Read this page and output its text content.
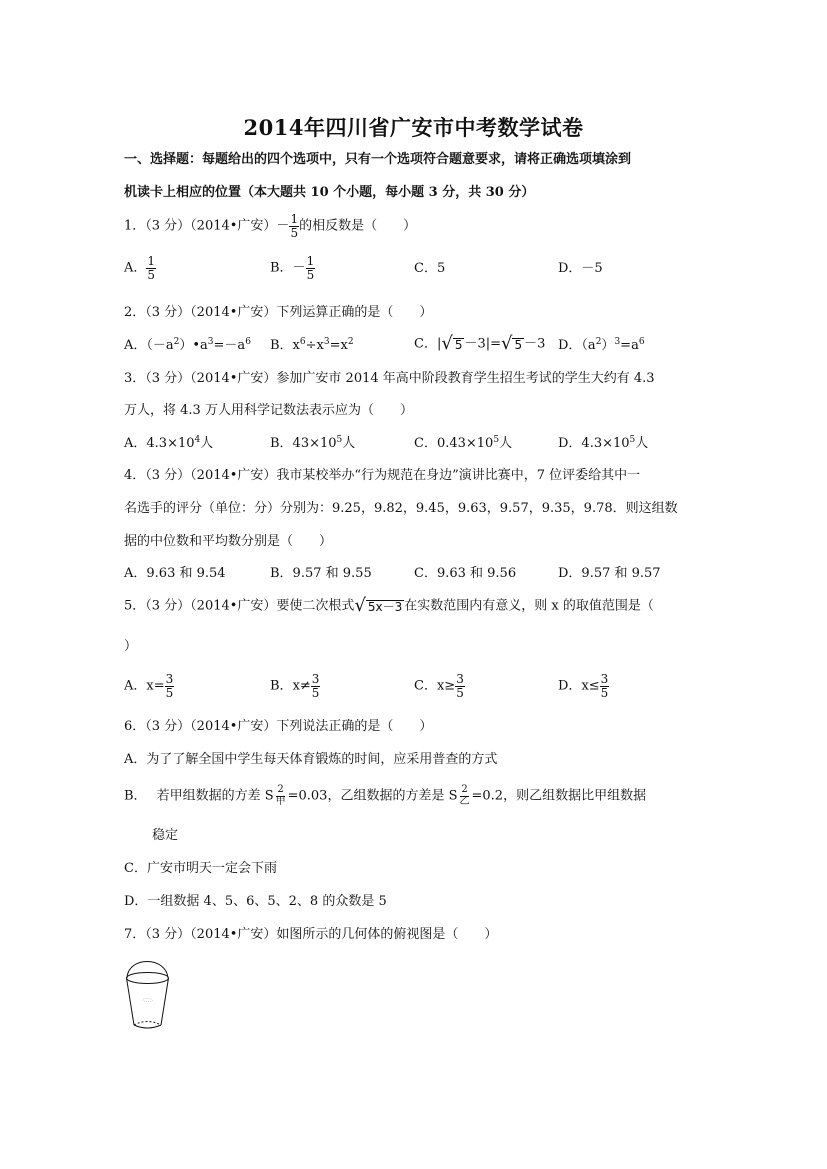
2014年四川省广安市中考数学试卷
一、选择题：每题给出的四个选项中，只有一个选项符合题意要求，请将正确选项填涂到
机读卡上相应的位置（本大题共 10 个小题，每小题 3 分，共 30 分）
1．（3 分）（2014•广安）－ $\frac{1}{5}$ 的相反数是（　　）
A． $\frac{1}{5}$	B．－ $\frac{1}{5}$	C．5	D．－5
2．（3 分）（2014•广安）下列运算正确的是（　　）
A．$(-a^2)•a^3=-a^6$ B．$x^6\div x^3=x^2$	C．| √ 5 －3|= √ 5 －3 D．$(a^2)^3=a^6$
3．（3 分）（2014•广安）参加广安市 2014 年高中阶段教育学生招生考试的学生大约有 4.3
万人，将 4.3 万人用科学记数法表示应为（　　）
A．$4.3\times 10^4$人	B．$43\times 10^5$人	C．$0.43\times 10^5$人	D．$4.3\times 10^5$人
4．（3 分）（2014•广安）我市某校举办“行为规范在身边”演讲比赛中，7 位评委给其中一
名选手的评分（单位：分）分别为：9.25，9.82，9.45，9.63，9.57，9.35，9.78．则这组数
据的中位数和平均数分别是（　　）
A．9.63 和 9.54	B．9.57 和 9.55	C．9.63 和 9.56	D．9.57 和 9.57
5．（3 分）（2014•广安）要使二次根式 √ 5x－3 在实数范围内有意义，则 x 的取值范围是（
）
A．$x= \frac{3}{5}$	B．$x\ne \frac{3}{5}$	C．$x\ge \frac{3}{5}$	D．$x\le \frac{3}{5}$
6．（3 分）（2014•广安）下列说法正确的是（　　）
A．为了了解全国中学生每天体育锻炼的时间，应采用普查的方式
B． 若甲组数据的方差 S 2
甲 =0.03，乙组数据的方差是 S 2
乙 =0.2，则乙组数据比甲组数据
稳定
C．广安市明天一定会下雨
D．一组数据 4、5、6、5、2、8 的众数是 5
7．（3 分）（2014•广安）如图所示的几何体的俯视图是（　　）
